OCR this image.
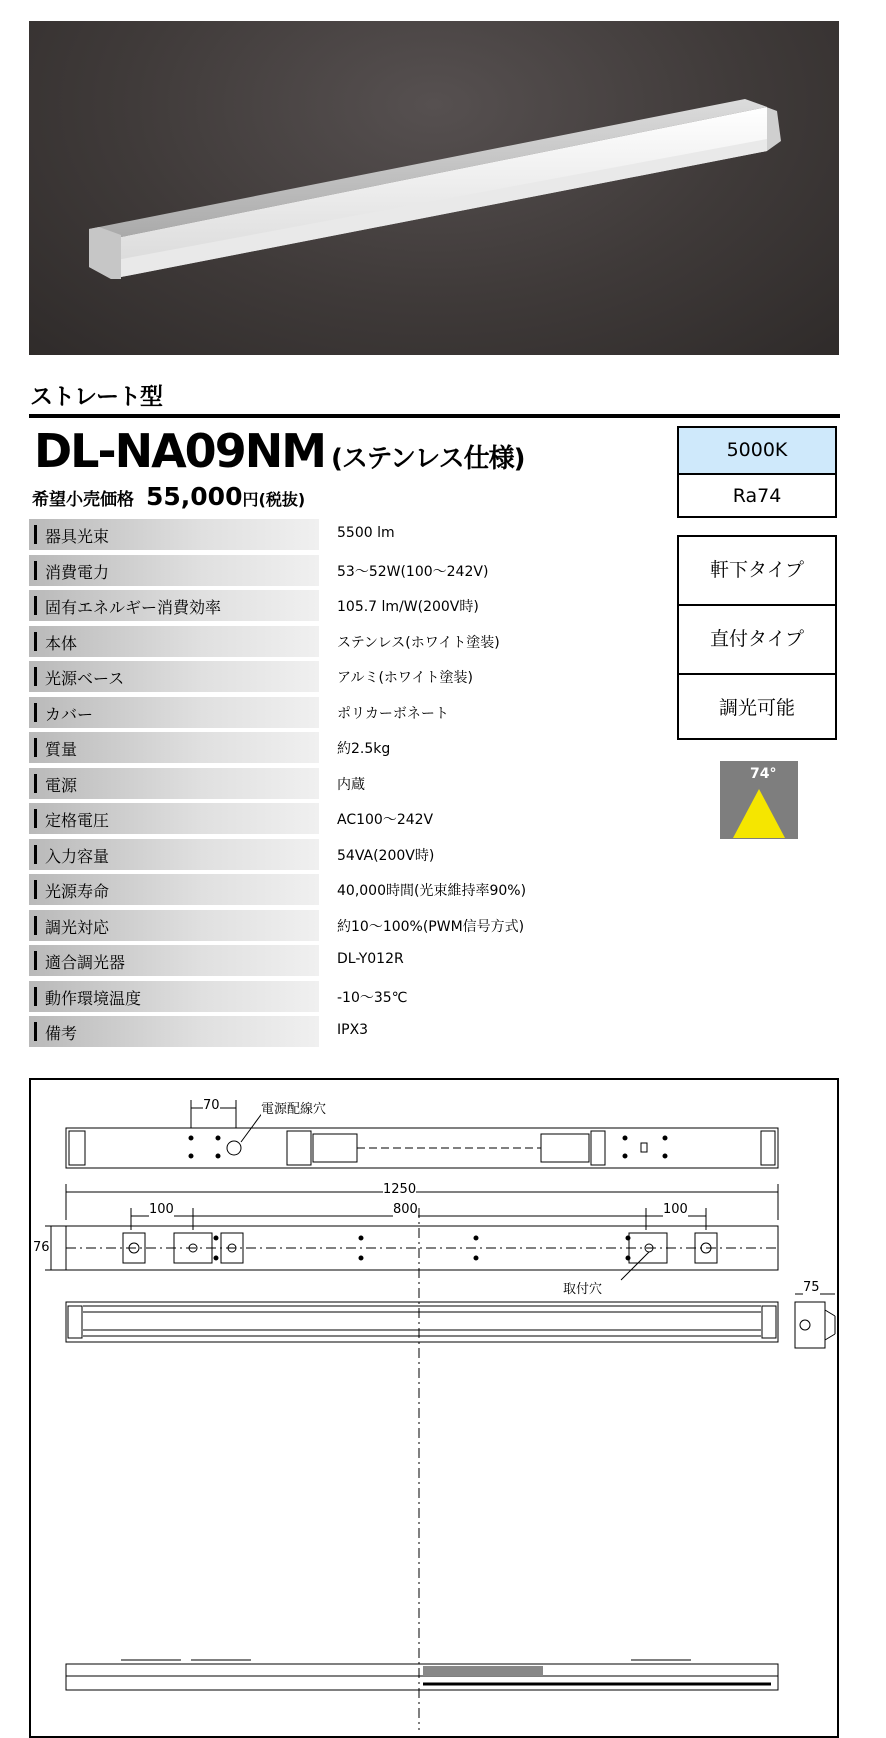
ストレート型
DL-NA09NM (ステンレス仕様)
希望小売価格 55,000円(税抜)
器具光束	5500 lm
消費電力	53～52W(100～242V)
固有エネルギー消費効率	105.7 lm/W(200V時)
本体	ステンレス(ホワイト塗装)
光源ベース	アルミ(ホワイト塗装)
カバー	ポリカーボネート
質量	約2.5kg
電源	内蔵
定格電圧	AC100～242V
入力容量	54VA(200V時)
光源寿命	40,000時間(光束維持率90%)
調光対応	約10～100%(PWM信号方式)
適合調光器	DL-Y012R
動作環境温度	-10～35℃
備考	IPX3
5000K
Ra74
軒下タイプ
直付タイプ
調光可能
74°
70	電源配線穴
1250
100	800	100
76
取付穴	75
